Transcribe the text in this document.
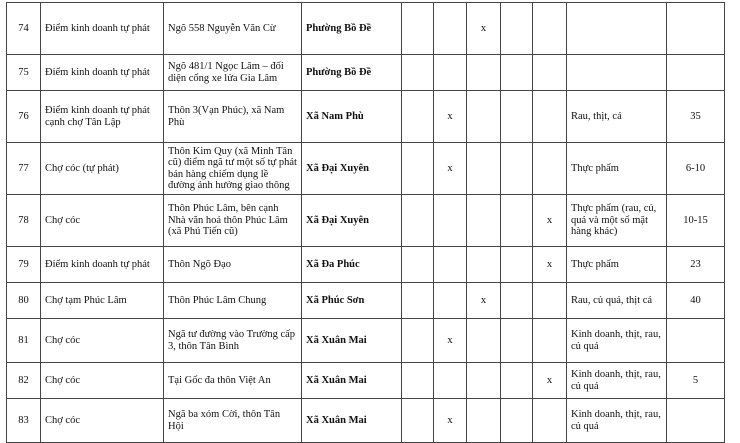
74	Điểm kinh doanh tự phát	Ngõ 558 Nguyễn Văn Cừ	Phường Bồ Đề			x				
75	Điểm kinh doanh tự phát	Ngõ 481/1 Ngọc Lâm – đối diện cổng xe lửa Gia Lâm	Phường Bồ Đề							
76	Điểm kinh doanh tự phát cạnh chợ Tân Lập	Thôn 3(Vạn Phúc), xã Nam Phù	Xã Nam Phù		x				Rau, thịt, cá	35
77	Chợ cóc (tự phát)	Thôn Kim Quy (xã Minh Tân cũ) điểm ngã tư một số tự phát bán hàng chiếm dụng lề đường ảnh hưởng giao thông	Xã Đại Xuyên		x				Thực phẩm	6-10
78	Chợ cóc	Thôn Phúc Lâm, bên cạnh Nhà văn hoá thôn Phúc Lâm (xã Phú Tiến cũ)	Xã Đại Xuyên					x	Thực phẩm (rau, củ, quả và một số mặt hàng khác)	10-15
79	Điểm kinh doanh tự phát	Thôn Ngõ Đạo	Xã Đa Phúc					x	Thực phẩm	23
80	Chợ tạm Phúc Lâm	Thôn Phúc Lâm Chung	Xã Phúc Sơn			x			Rau, củ quả, thịt cá	40
81	Chợ cóc	Ngã tư đường vào Trường cấp 3, thôn Tân Bình	Xã Xuân Mai		x				Kinh doanh, thịt, rau, củ quả	
82	Chợ cóc	Tại Gốc đa thôn Việt An	Xã Xuân Mai					x	Kinh doanh, thịt, rau, củ quả	5
83	Chợ cóc	Ngã ba xóm Cời, thôn Tân Hội	Xã Xuân Mai		x				Kinh doanh, thịt, rau, củ quả	
